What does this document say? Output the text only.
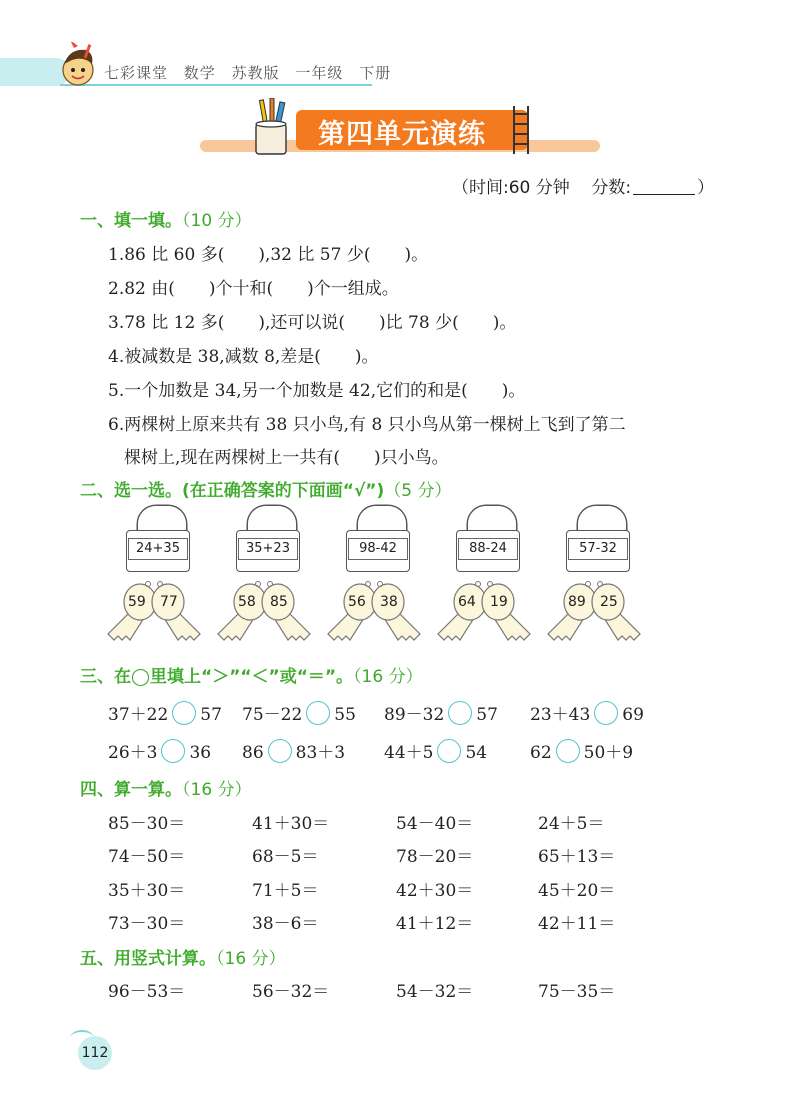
七彩课堂 数学 苏教版 一年级 下册
第四单元演练
（时间:60 分钟 分数:	）
一、填一填。（10 分）
1.86 比 60 多(　　),32 比 57 少(　　)。
2.82 由(　　)个十和(　　)个一组成。
3.78 比 12 多(　　),还可以说(　　)比 78 少(　　)。
4.被减数是 38,减数 8,差是(　　)。
5.一个加数是 34,另一个加数是 42,它们的和是(　　)。
6.两棵树上原来共有 38 只小鸟,有 8 只小鸟从第一棵树上飞到了第二
棵树上,现在两棵树上一共有(　　)只小鸟。
二、选一选。(在正确答案的下面画“√”)（5 分）
24+35	35+23	98-42	88-24	57-32
59 77	58 85	56 38	64 19	89 25
三、在◯里填上“＞”“＜”或“＝”。（16 分）
37＋22 57 75－22 55 89－32 57 23＋43 69
26＋3 36 86 83＋3 44＋5 54	62 50＋9
四、算一算。（16 分）
85－30＝	41＋30＝	54－40＝	24＋5＝
74－50＝	68－5＝	78－20＝	65＋13＝
35＋30＝	71＋5＝	42＋30＝	45＋20＝
73－30＝	38－6＝	41＋12＝	42＋11＝
五、用竖式计算。（16 分）
96－53＝	56－32＝	54－32＝	75－35＝
112
